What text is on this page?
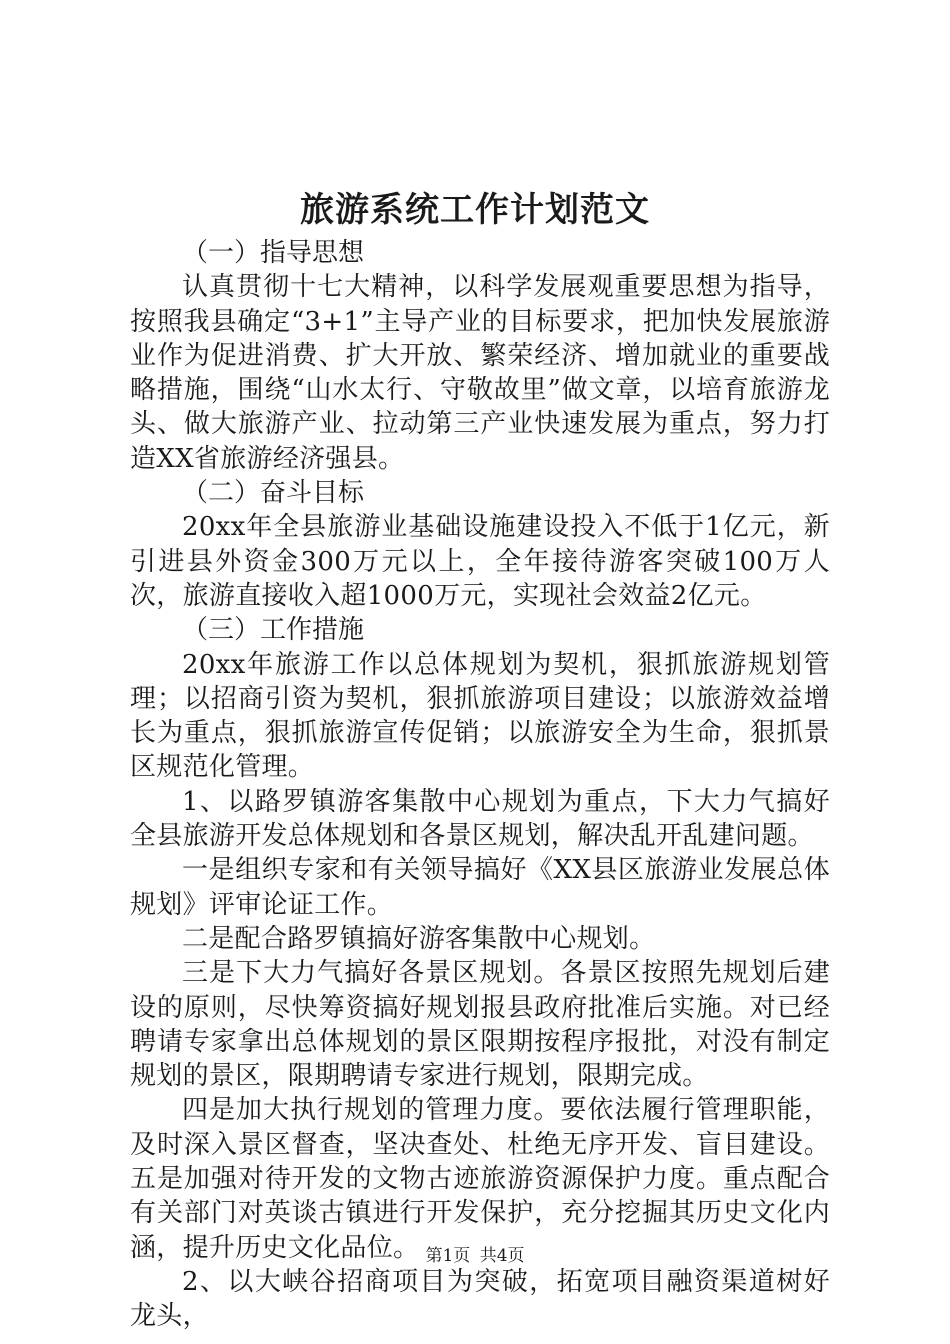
旅游系统工作计划范文

（一）指导思想

认真贯彻十七大精神，以科学发展观重要思想为指导，按照我县确定“3+1”主导产业的目标要求，把加快发展旅游业作为促进消费、扩大开放、繁荣经济、增加就业的重要战略措施，围绕“山水太行、守敬故里”做文章，以培育旅游龙头、做大旅游产业、拉动第三产业快速发展为重点，努力打造XX省旅游经济强县。

（二）奋斗目标

20xx年全县旅游业基础设施建设投入不低于1亿元，新引进县外资金300万元以上，全年接待游客突破100万人次，旅游直接收入超1000万元，实现社会效益2亿元。

（三）工作措施

20xx年旅游工作以总体规划为契机，狠抓旅游规划管理；以招商引资为契机，狠抓旅游项目建设；以旅游效益增长为重点，狠抓旅游宣传促销；以旅游安全为生命，狠抓景区规范化管理。

1、以路罗镇游客集散中心规划为重点，下大力气搞好全县旅游开发总体规划和各景区规划，解决乱开乱建问题。

一是组织专家和有关领导搞好《XX县区旅游业发展总体规划》评审论证工作。

二是配合路罗镇搞好游客集散中心规划。

三是下大力气搞好各景区规划。各景区按照先规划后建设的原则，尽快筹资搞好规划报县政府批准后实施。对已经聘请专家拿出总体规划的景区限期按程序报批，对没有制定规划的景区，限期聘请专家进行规划，限期完成。

四是加大执行规划的管理力度。要依法履行管理职能，及时深入景区督查，坚决查处、杜绝无序开发、盲目建设。五是加强对待开发的文物古迹旅游资源保护力度。重点配合有关部门对英谈古镇进行开发保护，充分挖掘其历史文化内涵，提升历史文化品位。

2、以大峡谷招商项目为突破，拓宽项目融资渠道树好龙头，

第1页 共4页
